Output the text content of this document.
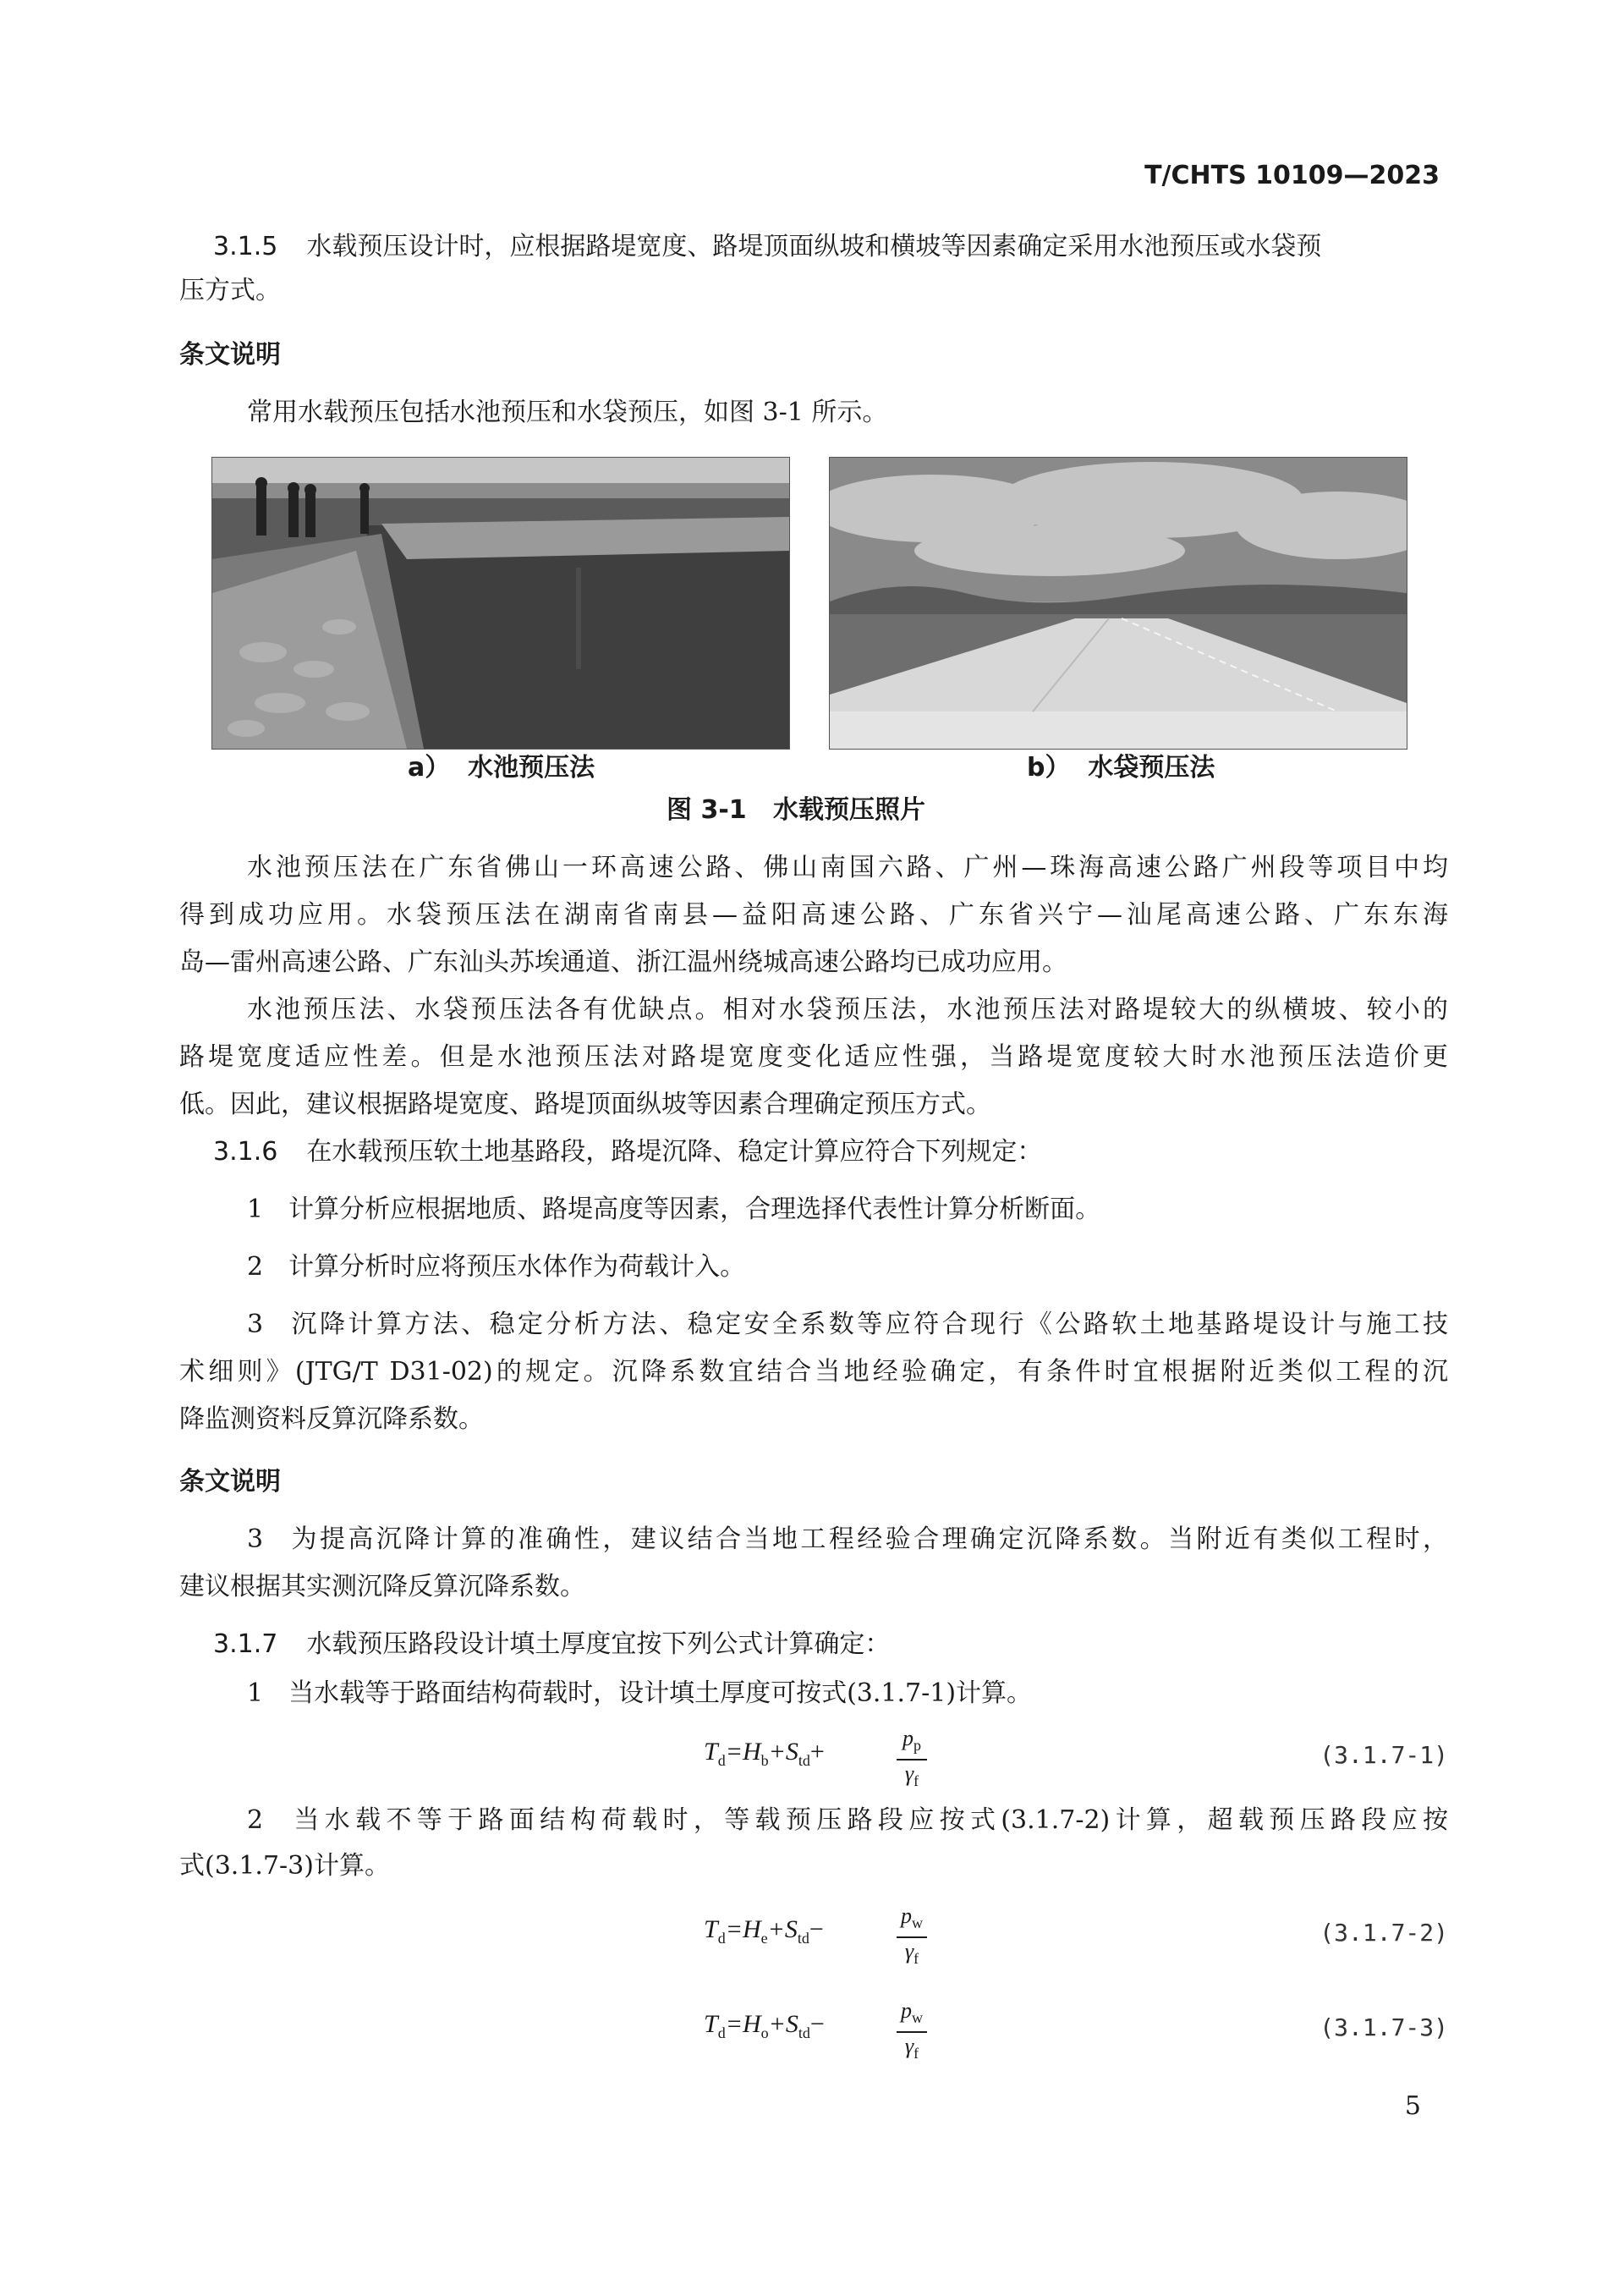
T/CHTS 10109—2023
3.1.5 水载预压设计时，应根据路堤宽度、路堤顶面纵坡和横坡等因素确定采用水池预压或水袋预
压方式。
条文说明
常用水载预压包括水池预压和水袋预压，如图 3-1 所示。
a） 水池预压法	b） 水袋预压法
图 3-1 水载预压照片
水池预压法在广东省佛山一环高速公路、佛山南国六路、广州—珠海高速公路广州段等项目中均
得到成功应用。水袋预压法在湖南省南县—益阳高速公路、广东省兴宁—汕尾高速公路、广东东海
岛—雷州高速公路、广东汕头苏埃通道、浙江温州绕城高速公路均已成功应用。
水池预压法、水袋预压法各有优缺点。相对水袋预压法，水池预压法对路堤较大的纵横坡、较小的
路堤宽度适应性差。但是水池预压法对路堤宽度变化适应性强，当路堤宽度较大时水池预压法造价更
低。因此，建议根据路堤宽度、路堤顶面纵坡等因素合理确定预压方式。
3.1.6 在水载预压软土地基路段，路堤沉降、稳定计算应符合下列规定：
1 计算分析应根据地质、路堤高度等因素，合理选择代表性计算分析断面。
2 计算分析时应将预压水体作为荷载计入。
3 沉降计算方法、稳定分析方法、稳定安全系数等应符合现行《公路软土地基路堤设计与施工技
术细则》(JTG/T D31-02)的规定。沉降系数宜结合当地经验确定，有条件时宜根据附近类似工程的沉
降监测资料反算沉降系数。
条文说明
3 为提高沉降计算的准确性，建议结合当地工程经验合理确定沉降系数。当附近有类似工程时，
建议根据其实测沉降反算沉降系数。
3.1.7 水载预压路段设计填土厚度宜按下列公式计算确定：
1 当水载等于路面结构荷载时，设计填土厚度可按式(3.1.7-1)计算。
$T_d=H_b+S_{td}+$	$p_p$
$\gamma_f$
(3.1.7-1)
2 当水载不等于路面结构荷载时，等载预压路段应按式(3.1.7-2)计算，超载预压路段应按
式(3.1.7-3)计算。
$T_d=H_e+S_{td}-$	$p_w$
$\gamma_f$
(3.1.7-2)
$T_d=H_o+S_{td}-$	$p_w$
$\gamma_f$
(3.1.7-3)
5
